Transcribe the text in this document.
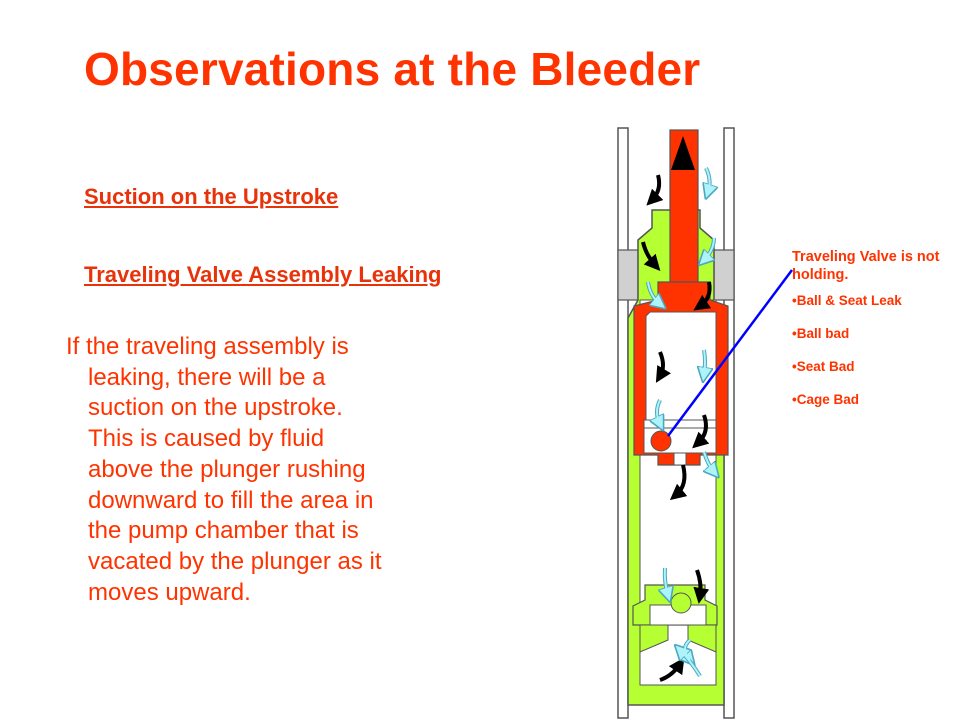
Observations at the Bleeder
Suction on the Upstroke
Traveling Valve Assembly Leaking
If the traveling assembly is
leaking, there will be a
suction on the upstroke.
This is caused by fluid
above the plunger rushing
downward to fill the area in
the pump chamber that is
vacated by the plunger as it
moves upward.
Traveling Valve is not holding.
• Ball & Seat Leak
• Ball bad
• Seat Bad
• Cage Bad
